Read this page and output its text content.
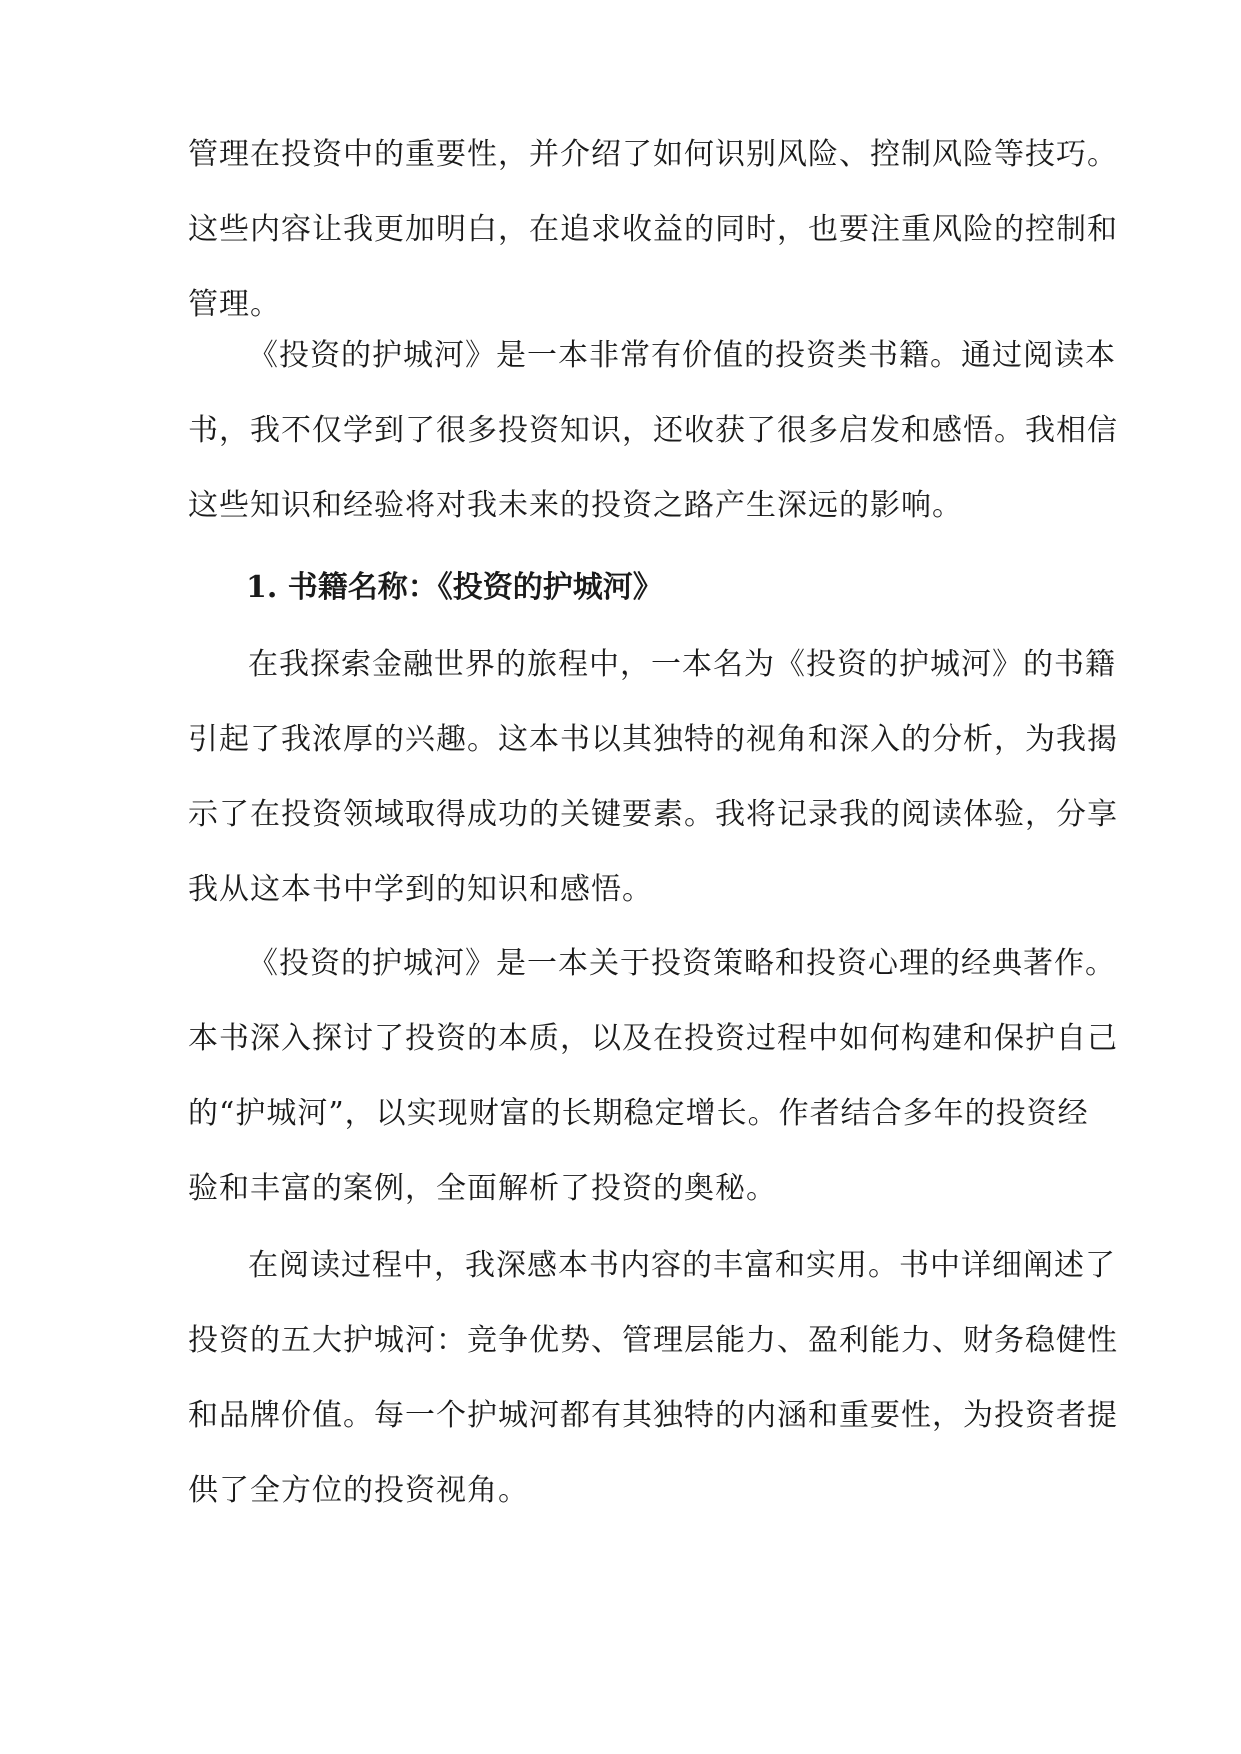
管理在投资中的重要性，并介绍了如何识别风险、控制风险等技巧。
这些内容让我更加明白，在追求收益的同时，也要注重风险的控制和
管理。
《投资的护城河》是一本非常有价值的投资类书籍。通过阅读本
书，我不仅学到了很多投资知识，还收获了很多启发和感悟。我相信
这些知识和经验将对我未来的投资之路产生深远的影响。
1. 书籍名称：《投资的护城河》
在我探索金融世界的旅程中，一本名为《投资的护城河》的书籍
引起了我浓厚的兴趣。这本书以其独特的视角和深入的分析，为我揭
示了在投资领域取得成功的关键要素。我将记录我的阅读体验，分享
我从这本书中学到的知识和感悟。
《投资的护城河》是一本关于投资策略和投资心理的经典著作。
本书深入探讨了投资的本质，以及在投资过程中如何构建和保护自己
的“护城河”，以实现财富的长期稳定增长。作者结合多年的投资经
验和丰富的案例，全面解析了投资的奥秘。
在阅读过程中，我深感本书内容的丰富和实用。书中详细阐述了
投资的五大护城河：竞争优势、管理层能力、盈利能力、财务稳健性
和品牌价值。每一个护城河都有其独特的内涵和重要性，为投资者提
供了全方位的投资视角。
